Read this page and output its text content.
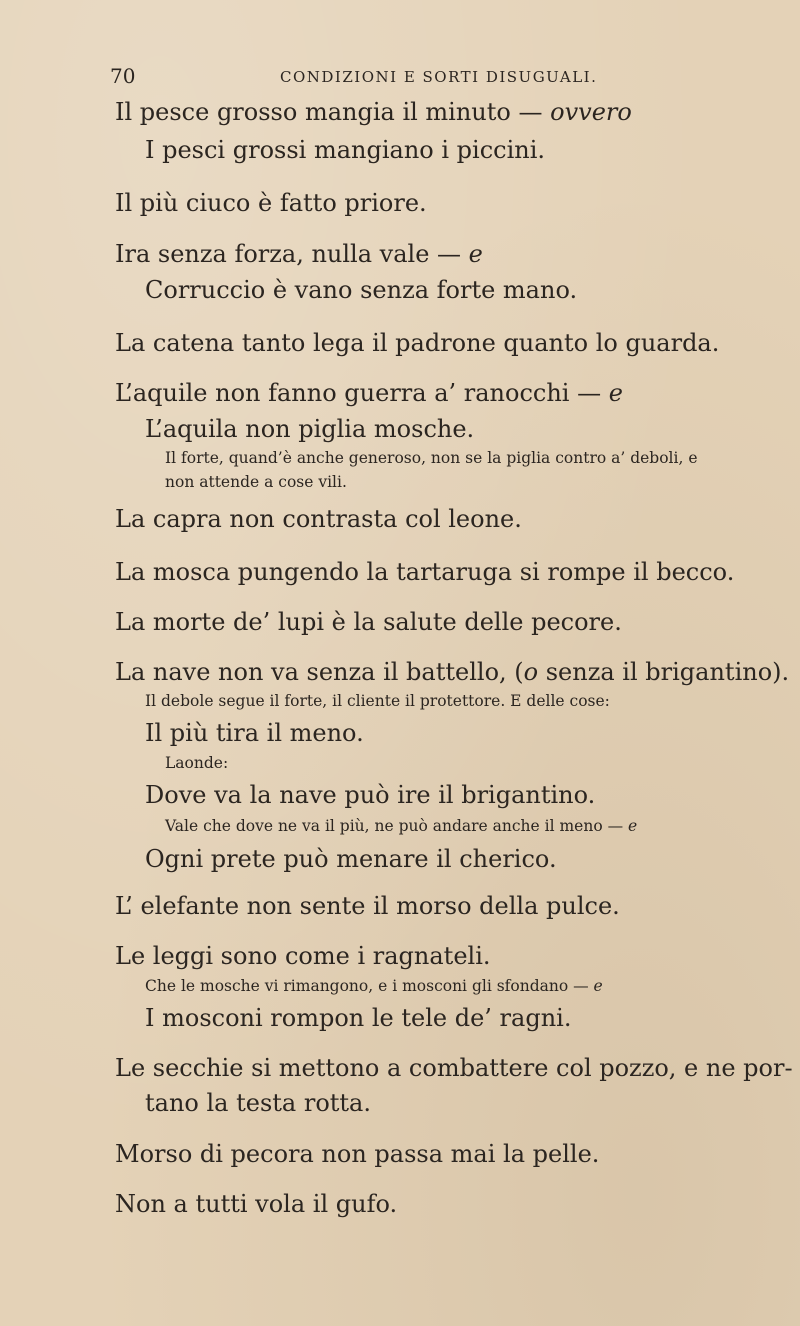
70	CONDIZIONI E SORTI DISUGUALI.
Il pesce grosso mangia il minuto — ovvero
I pesci grossi mangiano i piccini.
Il più ciuco è fatto priore.
Ira senza forza, nulla vale — e
Corruccio è vano senza forte mano.
La catena tanto lega il padrone quanto lo guarda.
L’aquile non fanno guerra a’ ranocchi — e
L’aquila non piglia mosche.
Il forte, quand’è anche generoso, non se la piglia contro a’ deboli, e
non attende a cose vili.
La capra non contrasta col leone.
La mosca pungendo la tartaruga si rompe il becco.
La morte de’ lupi è la salute delle pecore.
La nave non va senza il battello, (o senza il brigantino).
Il debole segue il forte, il cliente il protettore. E delle cose:
Il più tira il meno.
Laonde:
Dove va la nave può ire il brigantino.
Vale che dove ne va il più, ne può andare anche il meno — e
Ogni prete può menare il cherico.
L’ elefante non sente il morso della pulce.
Le leggi sono come i ragnateli.
Che le mosche vi rimangono, e i mosconi gli sfondano — e
I mosconi rompon le tele de’ ragni.
Le secchie si mettono a combattere col pozzo, e ne por-
tano la testa rotta.
Morso di pecora non passa mai la pelle.
Non a tutti vola il gufo.
